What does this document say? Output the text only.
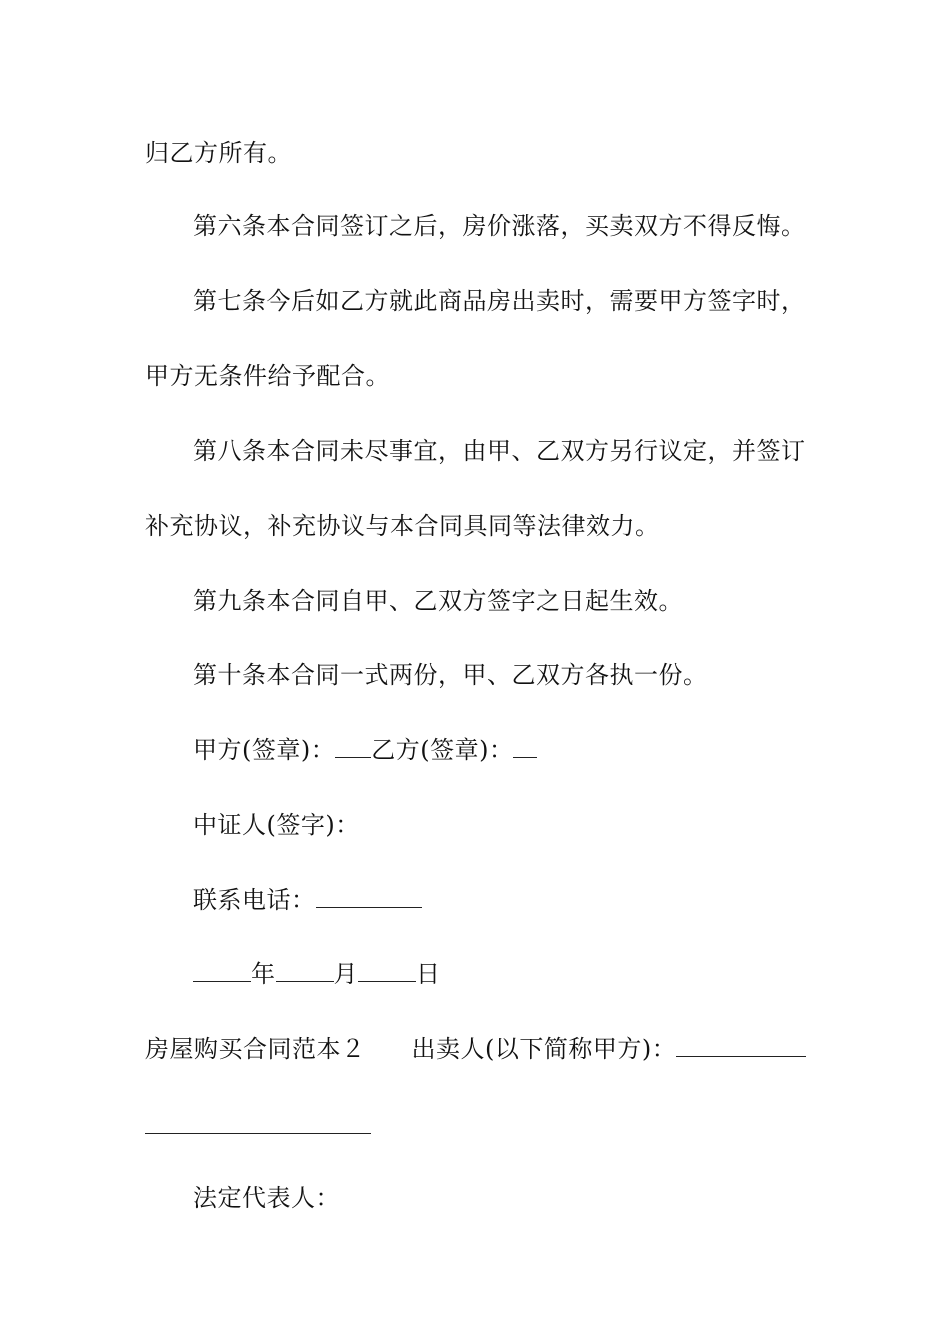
归乙方所有。
第六条本合同签订之后，房价涨落，买卖双方不得反悔。
第七条今后如乙方就此商品房出卖时，需要甲方签字时，
甲方无条件给予配合。
第八条本合同未尽事宜，由甲、乙双方另行议定，并签订
补充协议，补充协议与本合同具同等法律效力。
第九条本合同自甲、乙双方签字之日起生效。
第十条本合同一式两份，甲、乙双方各执一份。
甲方(签章)： 乙方(签章)：
中证人(签字)：
联系电话：
年 月 日
房屋购买合同范本２ 出卖人(以下简称甲方)：
法定代表人：
